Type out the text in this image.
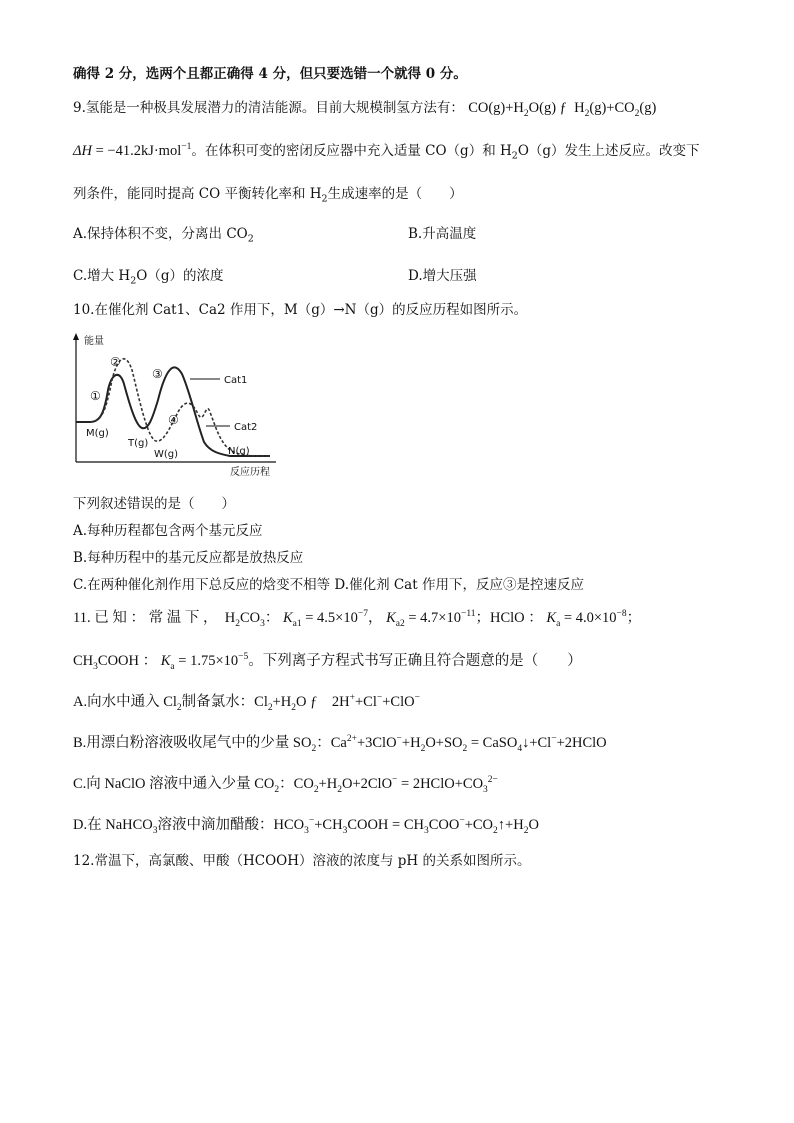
确得 2 分，选两个且都正确得 4 分，但只要选错一个就得 0 分。
9.氢能是一种极具发展潜力的清洁能源。目前大规模制氢方法有： $CO(g)+H_2O(g)$ ƒ $H_2(g)+CO_2(g)$
ΔH = −41.2kJ·mol$^{-1}$。在体积可变的密闭反应器中充入适量 CO（g）和 $H_2O(g)$发生上述反应。改变下
列条件，能同时提高 CO 平衡转化率和 $H_2$生成速率的是（　　）
A.保持体积不变，分离出 $CO_2$	B.升高温度
C.增大 $H_2O(g)$的浓度	D.增大压强
10.在催化剂 Cat1、Ca2 作用下，M（g）→N（g）的反应历程如图所示。
能量
反应历程
①
②
③
④
Cat1
Cat2
M(g)
T(g)
W(g)	N(g)
下列叙述错误的是（　　）
A.每种历程都包含两个基元反应
B.每种历程中的基元反应都是放热反应
C.在两种催化剂作用下总反应的焓变不相等 D.催化剂 Cat 作用下，反应③是控速反应
11. 已 知 ： 常 温 下 ， $H_2CO_3$： $K_{a1} = 4.5\times 10^{-7}$， $K_{a2} = 4.7\times 10^{-11}$；HClO ： $K_a = 4.0\times 10^{-8}$；
$CH_3COOH$ ： $K_a = 1.75\times 10^{-5}$。下列离子方程式书写正确且符合题意的是（　　）
A.向水中通入 $Cl_2$制备氯水：$Cl_2+H_2O$ ƒ　2H++Cl−+ClO−
B.用漂白粉溶液吸收尾气中的少量 $SO_2$：$Ca^{2+}+3ClO^-+H_2O+SO_2$ = CaSO$_4$↓+Cl−+2HClO
C.向 NaClO 溶液中通入少量 $CO_2$：$CO_2+H_2O+2ClO^-$ = $2HClO+CO_3^{2-}$
D.在 NaHCO$_3$溶液中滴加醋酸：$HCO_3^-+CH_3COOH$ = $CH_3COO^-+CO_2↑+H_2O$
12.常温下，高氯酸、甲酸（HCOOH）溶液的浓度与 pH 的关系如图所示。
